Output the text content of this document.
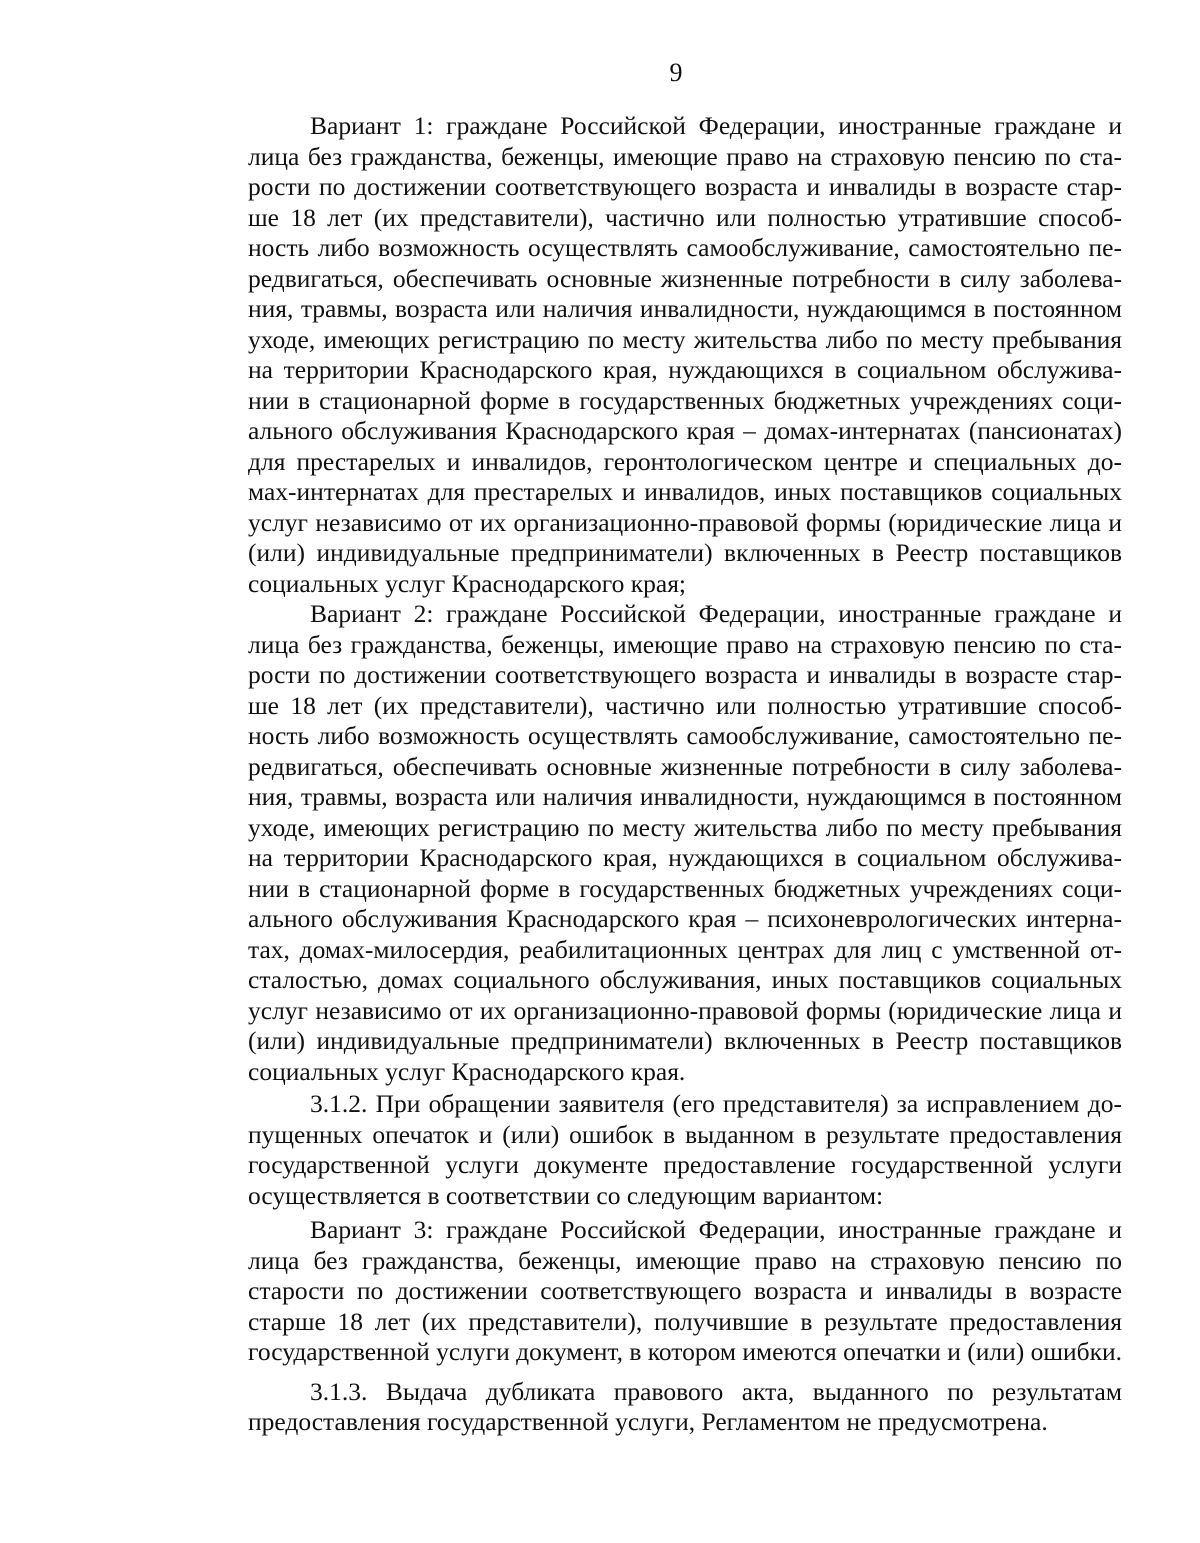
9

Вариант 1: граждане Российской Федерации, иностранные граждане и лица без гражданства, беженцы, имеющие право на страховую пенсию по старости по достижении соответствующего возраста и инвалиды в возрасте старше 18 лет (их представители), частично или полностью утратившие способность либо возможность осуществлять самообслуживание, самостоятельно передвигаться, обеспечивать основные жизненные потребности в силу заболевания, травмы, возраста или наличия инвалидности, нуждающимся в постоянном уходе, имеющих регистрацию по месту жительства либо по месту пребывания на территории Краснодарского края, нуждающихся в социальном обслуживании в стационарной форме в государственных бюджетных учреждениях социального обслуживания Краснодарского края – домах-интернатах (пансионатах) для престарелых и инвалидов, геронтологическом центре и специальных домах-интернатах для престарелых и инвалидов, иных поставщиков социальных услуг независимо от их организационно-правовой формы (юридические лица и (или) индивидуальные предприниматели) включенных в Реестр поставщиков социальных услуг Краснодарского края;

Вариант 2: граждане Российской Федерации, иностранные граждане и лица без гражданства, беженцы, имеющие право на страховую пенсию по старости по достижении соответствующего возраста и инвалиды в возрасте старше 18 лет (их представители), частично или полностью утратившие способность либо возможность осуществлять самообслуживание, самостоятельно передвигаться, обеспечивать основные жизненные потребности в силу заболевания, травмы, возраста или наличия инвалидности, нуждающимся в постоянном уходе, имеющих регистрацию по месту жительства либо по месту пребывания на территории Краснодарского края, нуждающихся в социальном обслуживании в стационарной форме в государственных бюджетных учреждениях социального обслуживания Краснодарского края – психоневрологических интернатах, домах-милосердия, реабилитационных центрах для лиц с умственной отсталостью, домах социального обслуживания, иных поставщиков социальных услуг независимо от их организационно-правовой формы (юридические лица и (или) индивидуальные предприниматели) включенных в Реестр поставщиков социальных услуг Краснодарского края.

3.1.2. При обращении заявителя (его представителя) за исправлением допущенных опечаток и (или) ошибок в выданном в результате предоставления государственной услуги документе предоставление государственной услуги осуществляется в соответствии со следующим вариантом:

Вариант 3: граждане Российской Федерации, иностранные граждане и лица без гражданства, беженцы, имеющие право на страховую пенсию по старости по достижении соответствующего возраста и инвалиды в возрасте старше 18 лет (их представители), получившие в результате предоставления государственной услуги документ, в котором имеются опечатки и (или) ошибки.

3.1.3. Выдача дубликата правового акта, выданного по результатам предоставления государственной услуги, Регламентом не предусмотрена.
